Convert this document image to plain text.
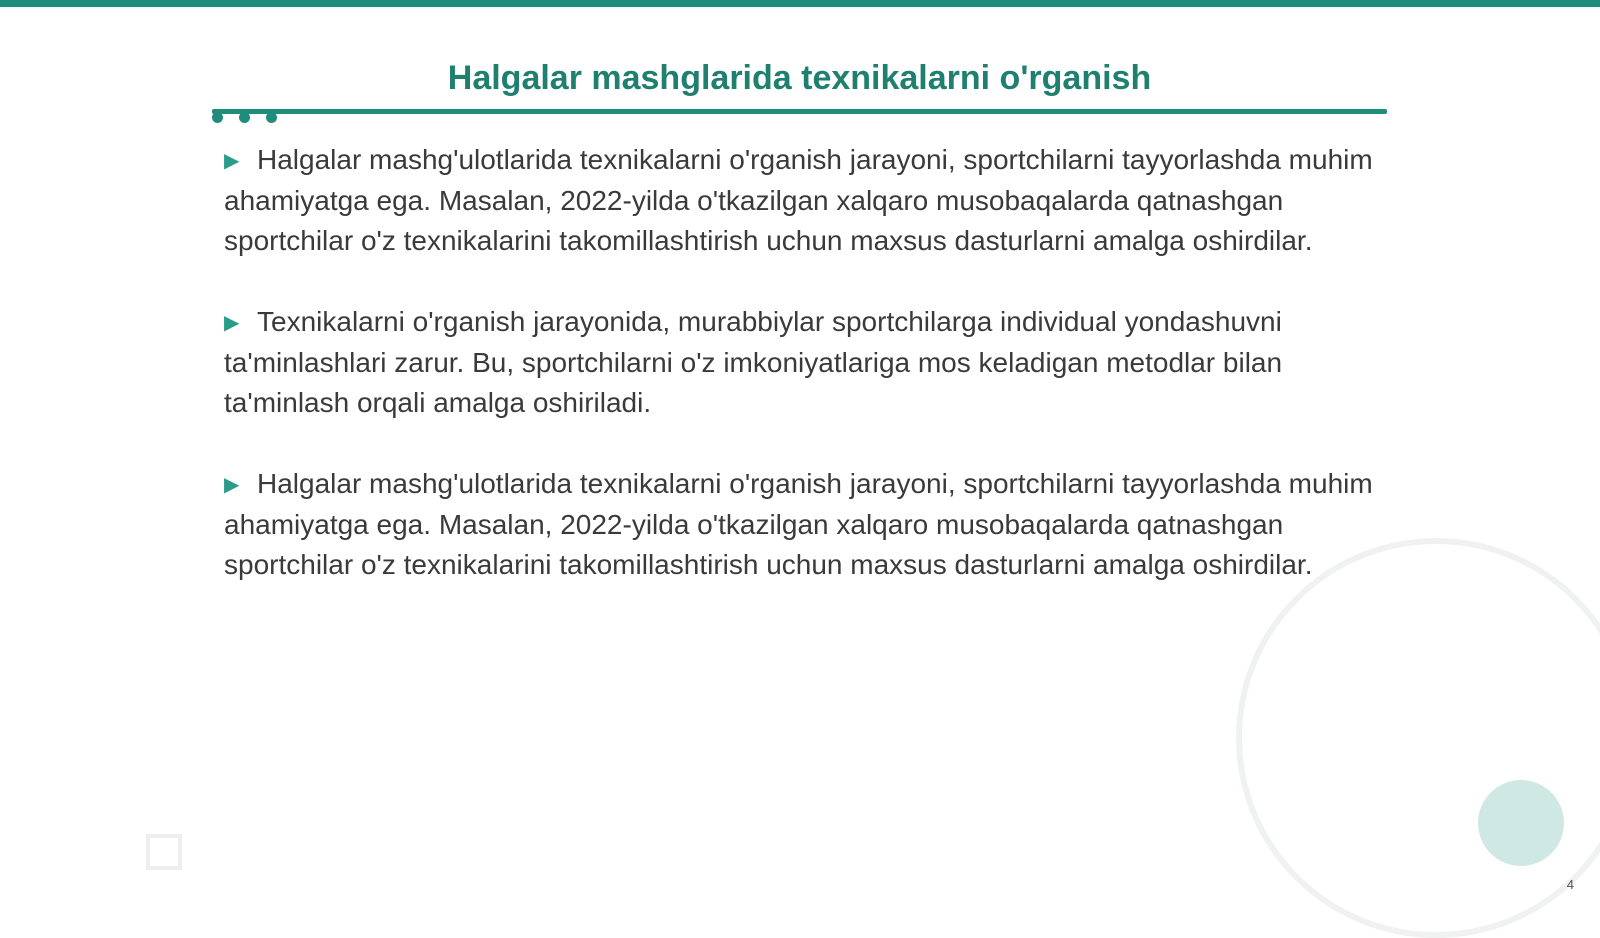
Halgalar mashglarida texnikalarni o'rganish

▶ Halgalar mashg'ulotlarida texnikalarni o'rganish jarayoni, sportchilarni tayyorlashda muhim ahamiyatga ega. Masalan, 2022-yilda o'tkazilgan xalqaro musobaqalarda qatnashgan sportchilar o'z texnikalarini takomillashtirish uchun maxsus dasturlarni amalga oshirdilar.

▶ Texnikalarni o'rganish jarayonida, murabbiylar sportchilarga individual yondashuvni ta'minlashlari zarur. Bu, sportchilarni o'z imkoniyatlariga mos keladigan metodlar bilan ta'minlash orqali amalga oshiriladi.

▶ Halgalar mashg'ulotlarida texnikalarni o'rganish jarayoni, sportchilarni tayyorlashda muhim ahamiyatga ega. Masalan, 2022-yilda o'tkazilgan xalqaro musobaqalarda qatnashgan sportchilar o'z texnikalarini takomillashtirish uchun maxsus dasturlarni amalga oshirdilar.

4
